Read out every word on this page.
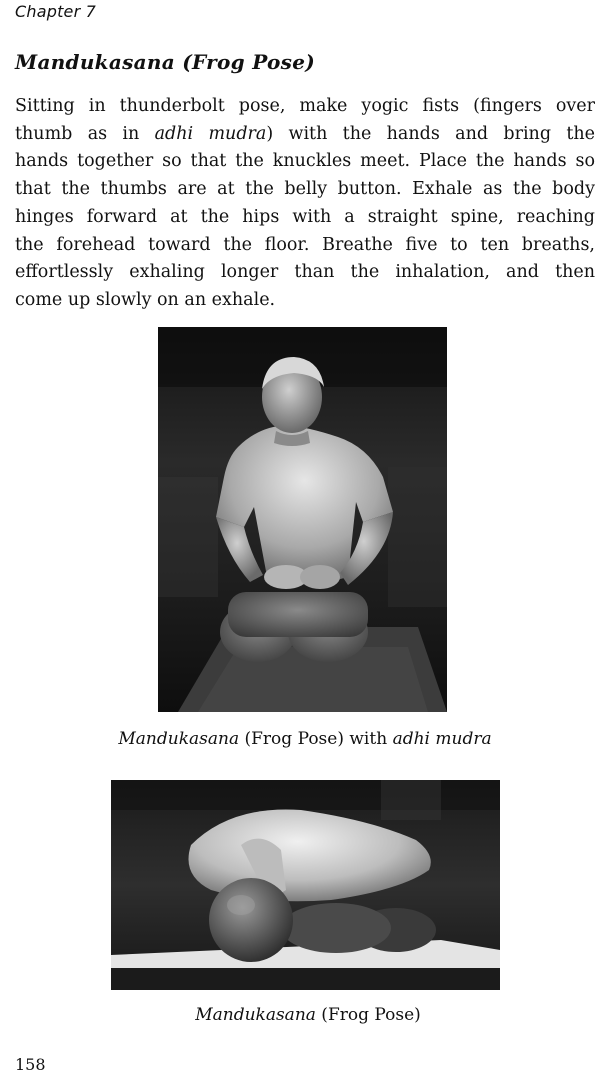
Chapter 7
Mandukasana (Frog Pose)
Sitting in thunderbolt pose, make yogic fists (fingers over
thumb as in adhi mudra) with the hands and bring the
hands together so that the knuckles meet. Place the hands so
that the thumbs are at the belly button. Exhale as the body
hinges forward at the hips with a straight spine, reaching
the forehead toward the floor. Breathe five to ten breaths,
effortlessly exhaling longer than the inhalation, and then
come up slowly on an exhale.
Mandukasana (Frog Pose) with adhi mudra
Mandukasana (Frog Pose)
158
